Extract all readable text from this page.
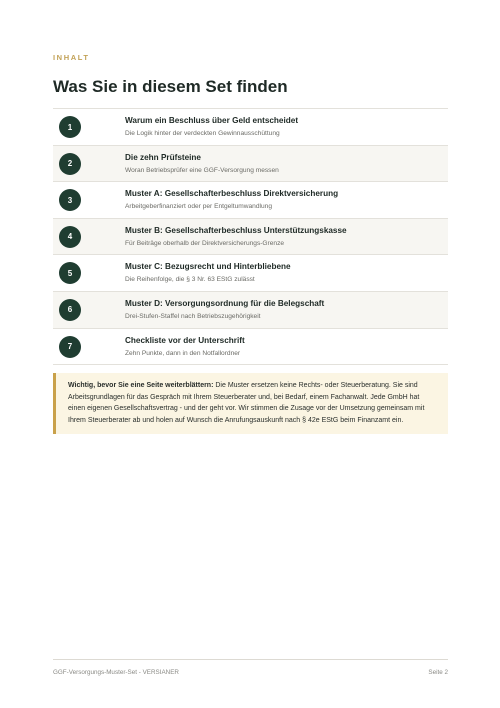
INHALT
Was Sie in diesem Set finden
1
Warum ein Beschluss über Geld entscheidet
Die Logik hinter der verdeckten Gewinnausschüttung
2
Die zehn Prüfsteine
Woran Betriebsprüfer eine GGF-Versorgung messen
3
Muster A: Gesellschafterbeschluss Direktversicherung
Arbeitgeberfinanziert oder per Entgeltumwandlung
4
Muster B: Gesellschafterbeschluss Unterstützungskasse
Für Beiträge oberhalb der Direktversicherungs-Grenze
5
Muster C: Bezugsrecht und Hinterbliebene
Die Reihenfolge, die § 3 Nr. 63 EStG zulässt
6
Muster D: Versorgungsordnung für die Belegschaft
Drei-Stufen-Staffel nach Betriebszugehörigkeit
7
Checkliste vor der Unterschrift
Zehn Punkte, dann in den Notfallordner
Wichtig, bevor Sie eine Seite weiterblättern: Die Muster ersetzen keine Rechts- oder Steuerberatung. Sie sind Arbeitsgrundlagen für das Gespräch mit Ihrem Steuerberater und, bei Bedarf, einem Fachanwalt. Jede GmbH hat einen eigenen Gesellschaftsvertrag - und der geht vor. Wir stimmen die Zusage vor der Umsetzung gemeinsam mit Ihrem Steuerberater ab und holen auf Wunsch die Anrufungsauskunft nach § 42e EStG beim Finanzamt ein.
GGF-Versorgungs-Muster-Set - VERSIANER	Seite 2
